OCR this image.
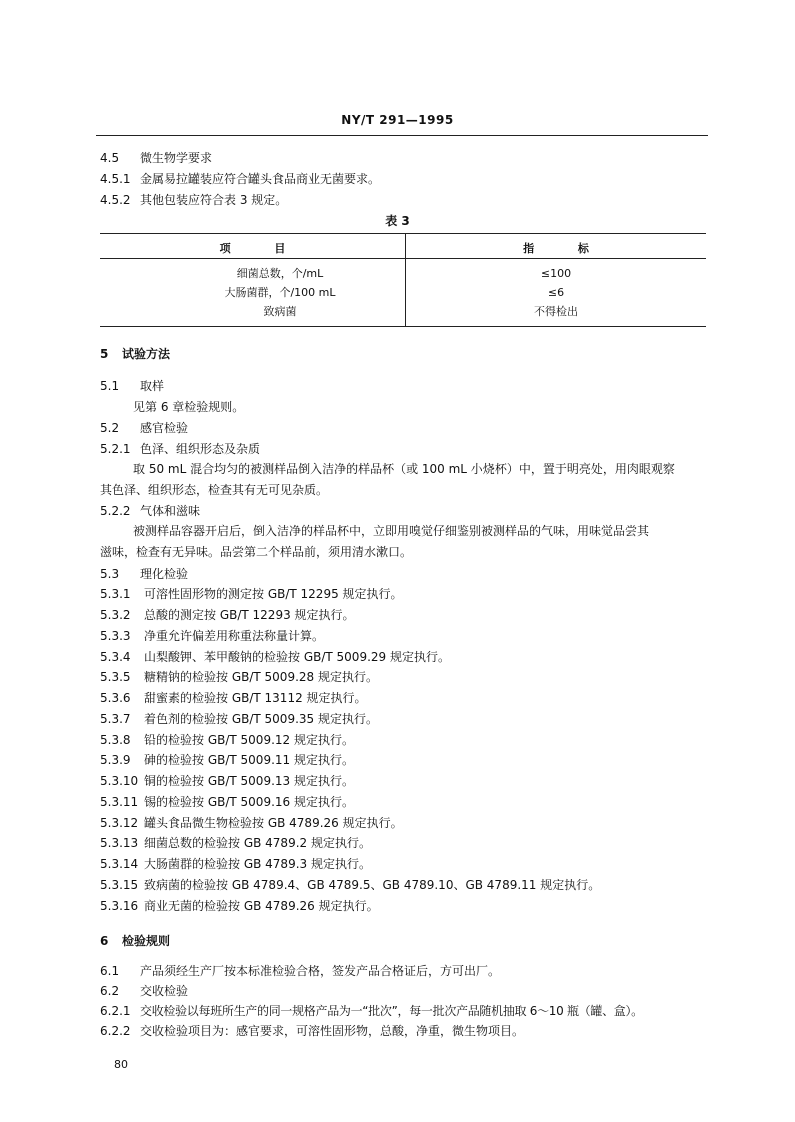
NY/T 291—1995
4.5 微生物学要求
4.5.1 金属易拉罐装应符合罐头食品商业无菌要求。
4.5.2 其他包装应符合表 3 规定。
表 3
项 目	指 标
细菌总数，个/mL	≤100
大肠菌群，个/100 mL	≤6
致病菌	不得检出
5 试验方法
5.1 取样
见第 6 章检验规则。
5.2 感官检验
5.2.1 色泽、组织形态及杂质
取 50 mL 混合均匀的被测样品倒入洁净的样品杯（或 100 mL 小烧杯）中，置于明亮处，用肉眼观察
其色泽、组织形态，检查其有无可见杂质。
5.2.2 气体和滋味
被测样品容器开启后，倒入洁净的样品杯中，立即用嗅觉仔细鉴别被测样品的气味，用味觉品尝其
滋味，检查有无异味。品尝第二个样品前，须用清水漱口。
5.3 理化检验
5.3.1 可溶性固形物的测定按 GB/T 12295 规定执行。
5.3.2 总酸的测定按 GB/T 12293 规定执行。
5.3.3 净重允许偏差用称重法称量计算。
5.3.4 山梨酸钾、苯甲酸钠的检验按 GB/T 5009.29 规定执行。
5.3.5 糖精钠的检验按 GB/T 5009.28 规定执行。
5.3.6 甜蜜素的检验按 GB/T 13112 规定执行。
5.3.7 着色剂的检验按 GB/T 5009.35 规定执行。
5.3.8 铅的检验按 GB/T 5009.12 规定执行。
5.3.9 砷的检验按 GB/T 5009.11 规定执行。
5.3.10 铜的检验按 GB/T 5009.13 规定执行。
5.3.11 锡的检验按 GB/T 5009.16 规定执行。
5.3.12 罐头食品微生物检验按 GB 4789.26 规定执行。
5.3.13 细菌总数的检验按 GB 4789.2 规定执行。
5.3.14 大肠菌群的检验按 GB 4789.3 规定执行。
5.3.15 致病菌的检验按 GB 4789.4、GB 4789.5、GB 4789.10、GB 4789.11 规定执行。
5.3.16 商业无菌的检验按 GB 4789.26 规定执行。
6 检验规则
6.1 产品须经生产厂按本标准检验合格，签发产品合格证后，方可出厂。
6.2 交收检验
6.2.1 交收检验以每班所生产的同一规格产品为一“批次”，每一批次产品随机抽取 6～10 瓶（罐、盒）。
6.2.2 交收检验项目为：感官要求，可溶性固形物，总酸，净重，微生物项目。
80
